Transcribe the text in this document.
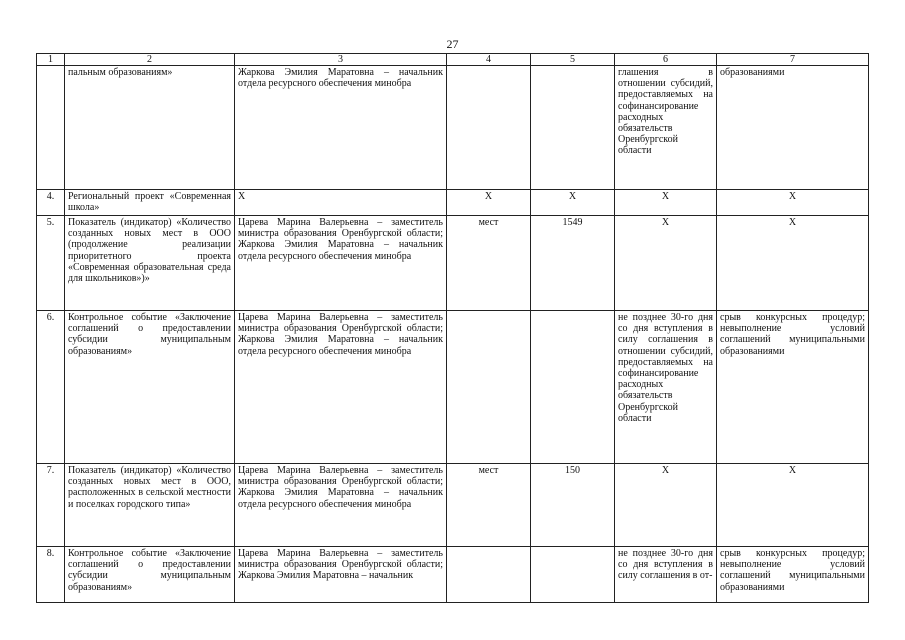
27
1	2	3	4	5	6	7
	пальным образованиям»	Жаркова Эмилия Маратовна – начальник отдела ресурсного обеспечения минобра			глашения в отношении субсидий, предоставляемых на софинансирование расходных обязательств Оренбургской области	образованиями
4.	Региональный проект «Современная школа»	X	X	X	X	X
5.	Показатель (индикатор) «Количество созданных новых мест в ООО (продолжение реализации приоритетного проекта «Современная образовательная среда для школьников»)»	Царева Марина Валерьевна – заместитель министра образования Оренбургской области; Жаркова Эмилия Маратовна – начальник отдела ресурсного обеспечения минобра	мест	1549	X	X
6.	Контрольное событие «Заключение соглашений о предоставлении субсидии муниципальным образованиям»	Царева Марина Валерьевна – заместитель министра образования Оренбургской области; Жаркова Эмилия Маратовна – начальник отдела ресурсного обеспечения минобра			не позднее 30-го дня со дня вступления в силу соглашения в отношении субсидий, предоставляемых на софинансирование расходных обязательств Оренбургской области	срыв конкурсных процедур; невыполнение условий соглашений муниципальными образованиями
7.	Показатель (индикатор) «Количество созданных новых мест в ООО, расположенных в сельской местности и поселках городского типа»	Царева Марина Валерьевна – заместитель министра образования Оренбургской области; Жаркова Эмилия Маратовна – начальник отдела ресурсного обеспечения минобра	мест	150	X	X
8.	Контрольное событие «Заключение соглашений о предоставлении субсидии муниципальным образованиям»	Царева Марина Валерьевна – заместитель министра образования Оренбургской области; Жаркова Эмилия Маратовна – начальник			не позднее 30-го дня со дня вступления в силу соглашения в от-	срыв конкурсных процедур; невыполнение условий соглашений муниципальными образованиями
